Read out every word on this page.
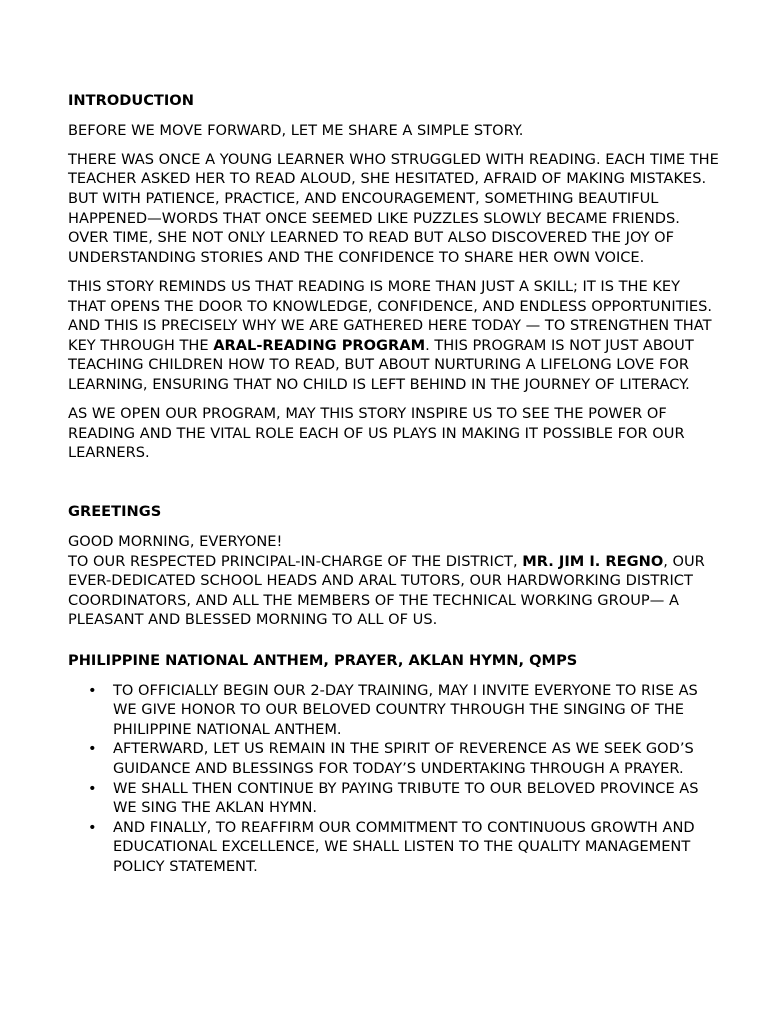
INTRODUCTION

BEFORE WE MOVE FORWARD, LET ME SHARE A SIMPLE STORY.

THERE WAS ONCE A YOUNG LEARNER WHO STRUGGLED WITH READING. EACH TIME THE TEACHER ASKED HER TO READ ALOUD, SHE HESITATED, AFRAID OF MAKING MISTAKES. BUT WITH PATIENCE, PRACTICE, AND ENCOURAGEMENT, SOMETHING BEAUTIFUL HAPPENED—WORDS THAT ONCE SEEMED LIKE PUZZLES SLOWLY BECAME FRIENDS. OVER TIME, SHE NOT ONLY LEARNED TO READ BUT ALSO DISCOVERED THE JOY OF UNDERSTANDING STORIES AND THE CONFIDENCE TO SHARE HER OWN VOICE.

THIS STORY REMINDS US THAT READING IS MORE THAN JUST A SKILL; IT IS THE KEY THAT OPENS THE DOOR TO KNOWLEDGE, CONFIDENCE, AND ENDLESS OPPORTUNITIES. AND THIS IS PRECISELY WHY WE ARE GATHERED HERE TODAY — TO STRENGTHEN THAT KEY THROUGH THE ARAL-READING PROGRAM. THIS PROGRAM IS NOT JUST ABOUT TEACHING CHILDREN HOW TO READ, BUT ABOUT NURTURING A LIFELONG LOVE FOR LEARNING, ENSURING THAT NO CHILD IS LEFT BEHIND IN THE JOURNEY OF LITERACY.

AS WE OPEN OUR PROGRAM, MAY THIS STORY INSPIRE US TO SEE THE POWER OF READING AND THE VITAL ROLE EACH OF US PLAYS IN MAKING IT POSSIBLE FOR OUR LEARNERS.

GREETINGS
GOOD MORNING, EVERYONE!
TO OUR RESPECTED PRINCIPAL-IN-CHARGE OF THE DISTRICT, MR. JIM I. REGNO, OUR EVER-DEDICATED SCHOOL HEADS AND ARAL TUTORS, OUR HARDWORKING DISTRICT COORDINATORS, AND ALL THE MEMBERS OF THE TECHNICAL WORKING GROUP— A PLEASANT AND BLESSED MORNING TO ALL OF US.
PHILIPPINE NATIONAL ANTHEM, PRAYER, AKLAN HYMN, QMPS
• TO OFFICIALLY BEGIN OUR 2-DAY TRAINING, MAY I INVITE EVERYONE TO RISE AS WE GIVE HONOR TO OUR BELOVED COUNTRY THROUGH THE SINGING OF THE PHILIPPINE NATIONAL ANTHEM.
• AFTERWARD, LET US REMAIN IN THE SPIRIT OF REVERENCE AS WE SEEK GOD’S GUIDANCE AND BLESSINGS FOR TODAY’S UNDERTAKING THROUGH A PRAYER.
• WE SHALL THEN CONTINUE BY PAYING TRIBUTE TO OUR BELOVED PROVINCE AS WE SING THE AKLAN HYMN.
• AND FINALLY, TO REAFFIRM OUR COMMITMENT TO CONTINUOUS GROWTH AND EDUCATIONAL EXCELLENCE, WE SHALL LISTEN TO THE QUALITY MANAGEMENT POLICY STATEMENT.
